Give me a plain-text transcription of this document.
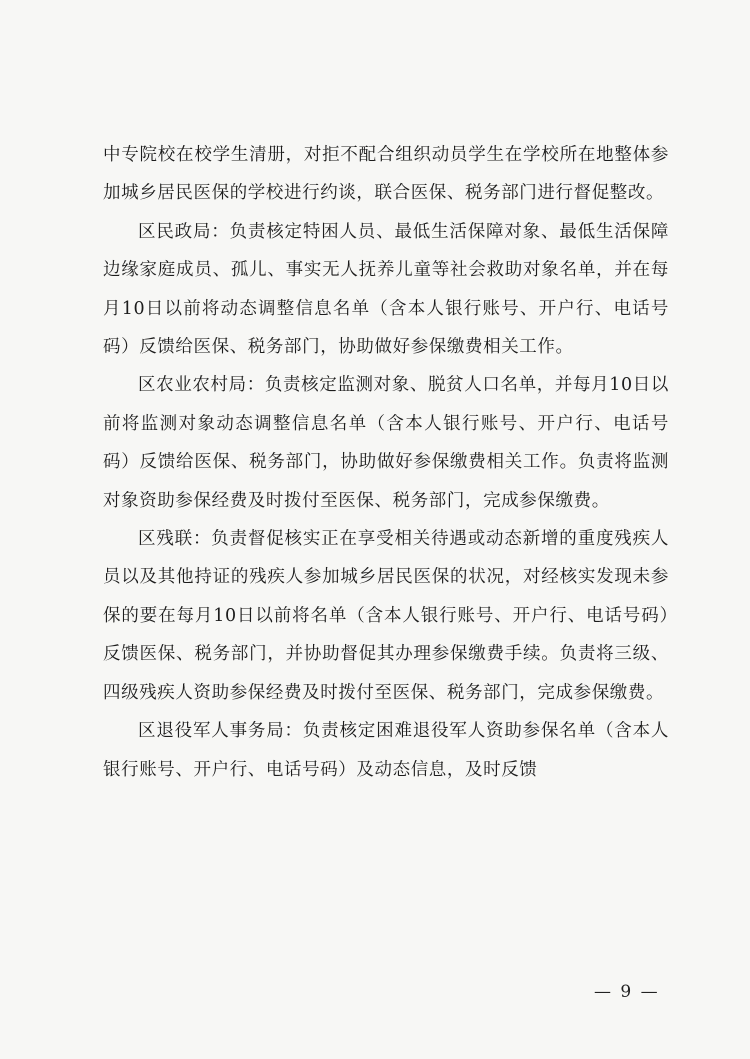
中专院校在校学生清册，对拒不配合组织动员学生在学校所在地整体参加城乡居民医保的学校进行约谈，联合医保、税务部门进行督促整改。

区民政局：负责核定特困人员、最低生活保障对象、最低生活保障边缘家庭成员、孤儿、事实无人抚养儿童等社会救助对象名单，并在每月10日以前将动态调整信息名单（含本人银行账号、开户行、电话号码）反馈给医保、税务部门，协助做好参保缴费相关工作。

区农业农村局：负责核定监测对象、脱贫人口名单，并每月10日以前将监测对象动态调整信息名单（含本人银行账号、开户行、电话号码）反馈给医保、税务部门，协助做好参保缴费相关工作。负责将监测对象资助参保经费及时拨付至医保、税务部门，完成参保缴费。

区残联：负责督促核实正在享受相关待遇或动态新增的重度残疾人员以及其他持证的残疾人参加城乡居民医保的状况，对经核实发现未参保的要在每月10日以前将名单（含本人银行账号、开户行、电话号码）反馈医保、税务部门，并协助督促其办理参保缴费手续。负责将三级、四级残疾人资助参保经费及时拨付至医保、税务部门，完成参保缴费。

区退役军人事务局：负责核定困难退役军人资助参保名单（含本人银行账号、开户行、电话号码）及动态信息，及时反馈

— 9 —
